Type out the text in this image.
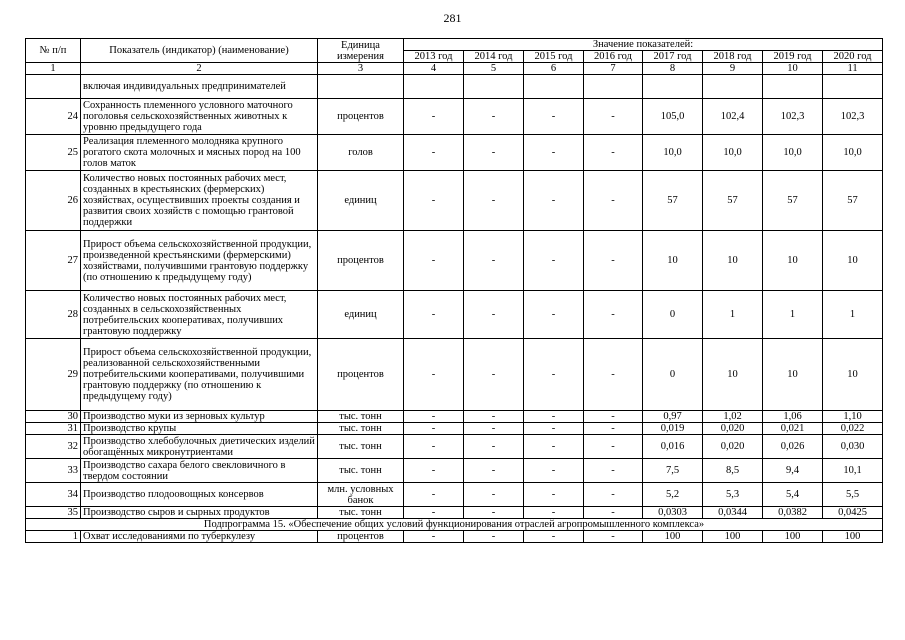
281
№ п/п	Показатель (индикатор) (наименование)	Единица измерения	Значение показателей:							
			2013 год	2014 год	2015 год	2016 год	2017 год	2018 год	2019 год	2020 год
1	2	3	4	5	6	7	8	9	10	11
	включая индивидуальных предпринимателей									
24	Сохранность племенного условного маточного поголовья сельскохозяйственных животных к уровню предыдущего года	процентов	-	-	-	-	105,0	102,4	102,3	102,3
25	Реализация племенного молодняка крупного рогатого скота молочных и мясных пород на 100 голов маток	голов	-	-	-	-	10,0	10,0	10,0	10,0
26	Количество новых постоянных рабочих мест, созданных в крестьянских (фермерских) хозяйствах, осуществивших проекты создания и развития своих хозяйств с помощью грантовой поддержки	единиц	-	-	-	-	57	57	57	57
27	Прирост объема сельскохозяйственной продукции, произведенной крестьянскими (фермерскими) хозяйствами, получившими грантовую поддержку (по отношению к предыдущему году)	процентов	-	-	-	-	10	10	10	10
28	Количество новых постоянных рабочих мест, созданных в сельскохозяйственных потребительских кооперативах, получивших грантовую поддержку	единиц	-	-	-	-	0	1	1	1
29	Прирост объема сельскохозяйственной продукции, реализованной сельскохозяйственными потребительскими кооперативами, получившими грантовую поддержку (по отношению к предыдущему году)	процентов	-	-	-	-	0	10	10	10
30	Производство муки из зерновых культур	тыс. тонн	-	-	-	-	0,97	1,02	1,06	1,10
31	Производство крупы	тыс. тонн	-	-	-	-	0,019	0,020	0,021	0,022
32	Производство хлебобулочных диетических изделий обогащённых микронутриентами	тыс. тонн	-	-	-	-	0,016	0,020	0,026	0,030
33	Производство сахара белого свекловичного в твердом состоянии	тыс. тонн	-	-	-	-	7,5	8,5	9,4	10,1
34	Производство плодоовощных консервов	млн. условных банок	-	-	-	-	5,2	5,3	5,4	5,5
35	Производство сыров и сырных продуктов	тыс. тонн	-	-	-	-	0,0303	0,0344	0,0382	0,0425
Подпрограмма 15. «Обеспечение общих условий функционирования отраслей агропромышленного комплекса»										
1	Охват исследованиями по туберкулезу	процентов	-	-	-	-	100	100	100	100
